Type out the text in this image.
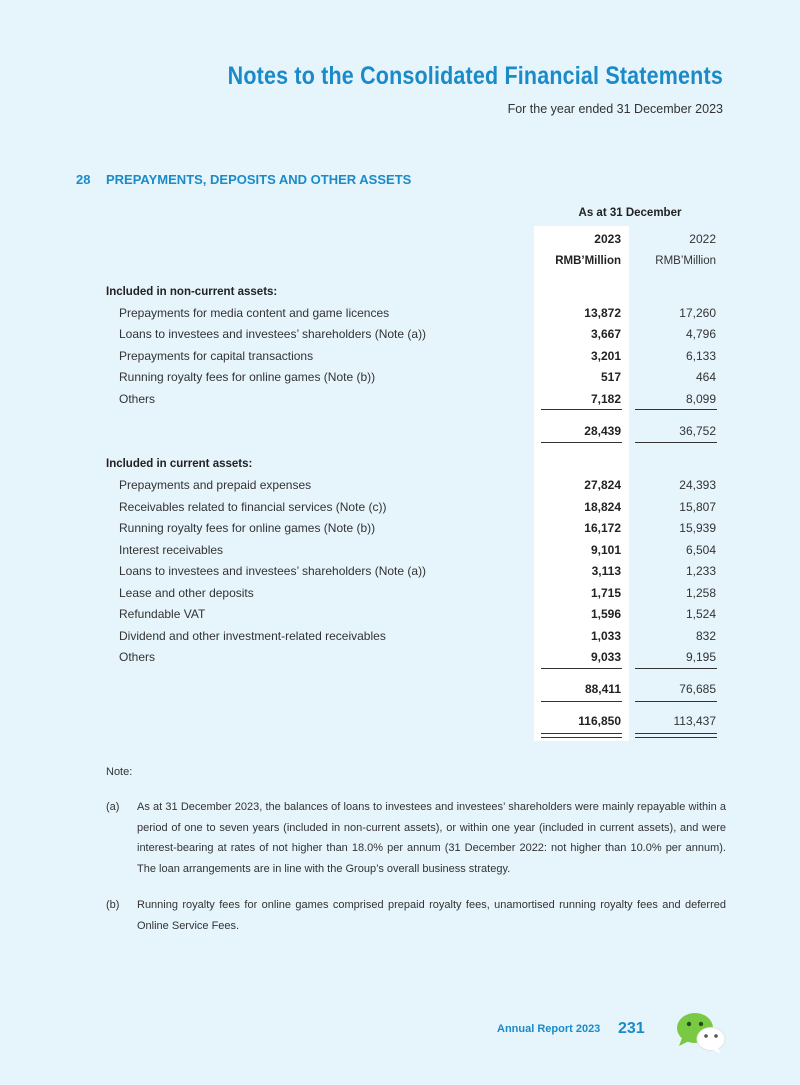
Notes to the Consolidated Financial Statements
For the year ended 31 December 2023
28 PREPAYMENTS, DEPOSITS AND OTHER ASSETS
As at 31 December
2023	2022
RMB’Million	RMB’Million
Included in non-current assets:
Prepayments for media content and game licences	13,872	17,260
Loans to investees and investees’ shareholders (Note (a))	3,667	4,796
Prepayments for capital transactions	3,201	6,133
Running royalty fees for online games (Note (b))	517	464
Others	7,182	8,099
28,439	36,752
Included in current assets:
Prepayments and prepaid expenses	27,824	24,393
Receivables related to financial services (Note (c))	18,824	15,807
Running royalty fees for online games (Note (b))	16,172	15,939
Interest receivables	9,101	6,504
Loans to investees and investees’ shareholders (Note (a))	3,113	1,233
Lease and other deposits	1,715	1,258
Refundable VAT	1,596	1,524
Dividend and other investment-related receivables	1,033	832
Others	9,033	9,195
88,411	76,685
116,850	113,437
Note:
(a) As at 31 December 2023, the balances of loans to investees and investees’ shareholders were mainly repayable within a period of one to seven years (included in non-current assets), or within one year (included in current assets), and were interest-bearing at rates of not higher than 18.0% per annum (31 December 2022: not higher than 10.0% per annum). The loan arrangements are in line with the Group’s overall business strategy.
(b) Running royalty fees for online games comprised prepaid royalty fees, unamortised running royalty fees and deferred Online Service Fees.
Annual Report 2023 231
